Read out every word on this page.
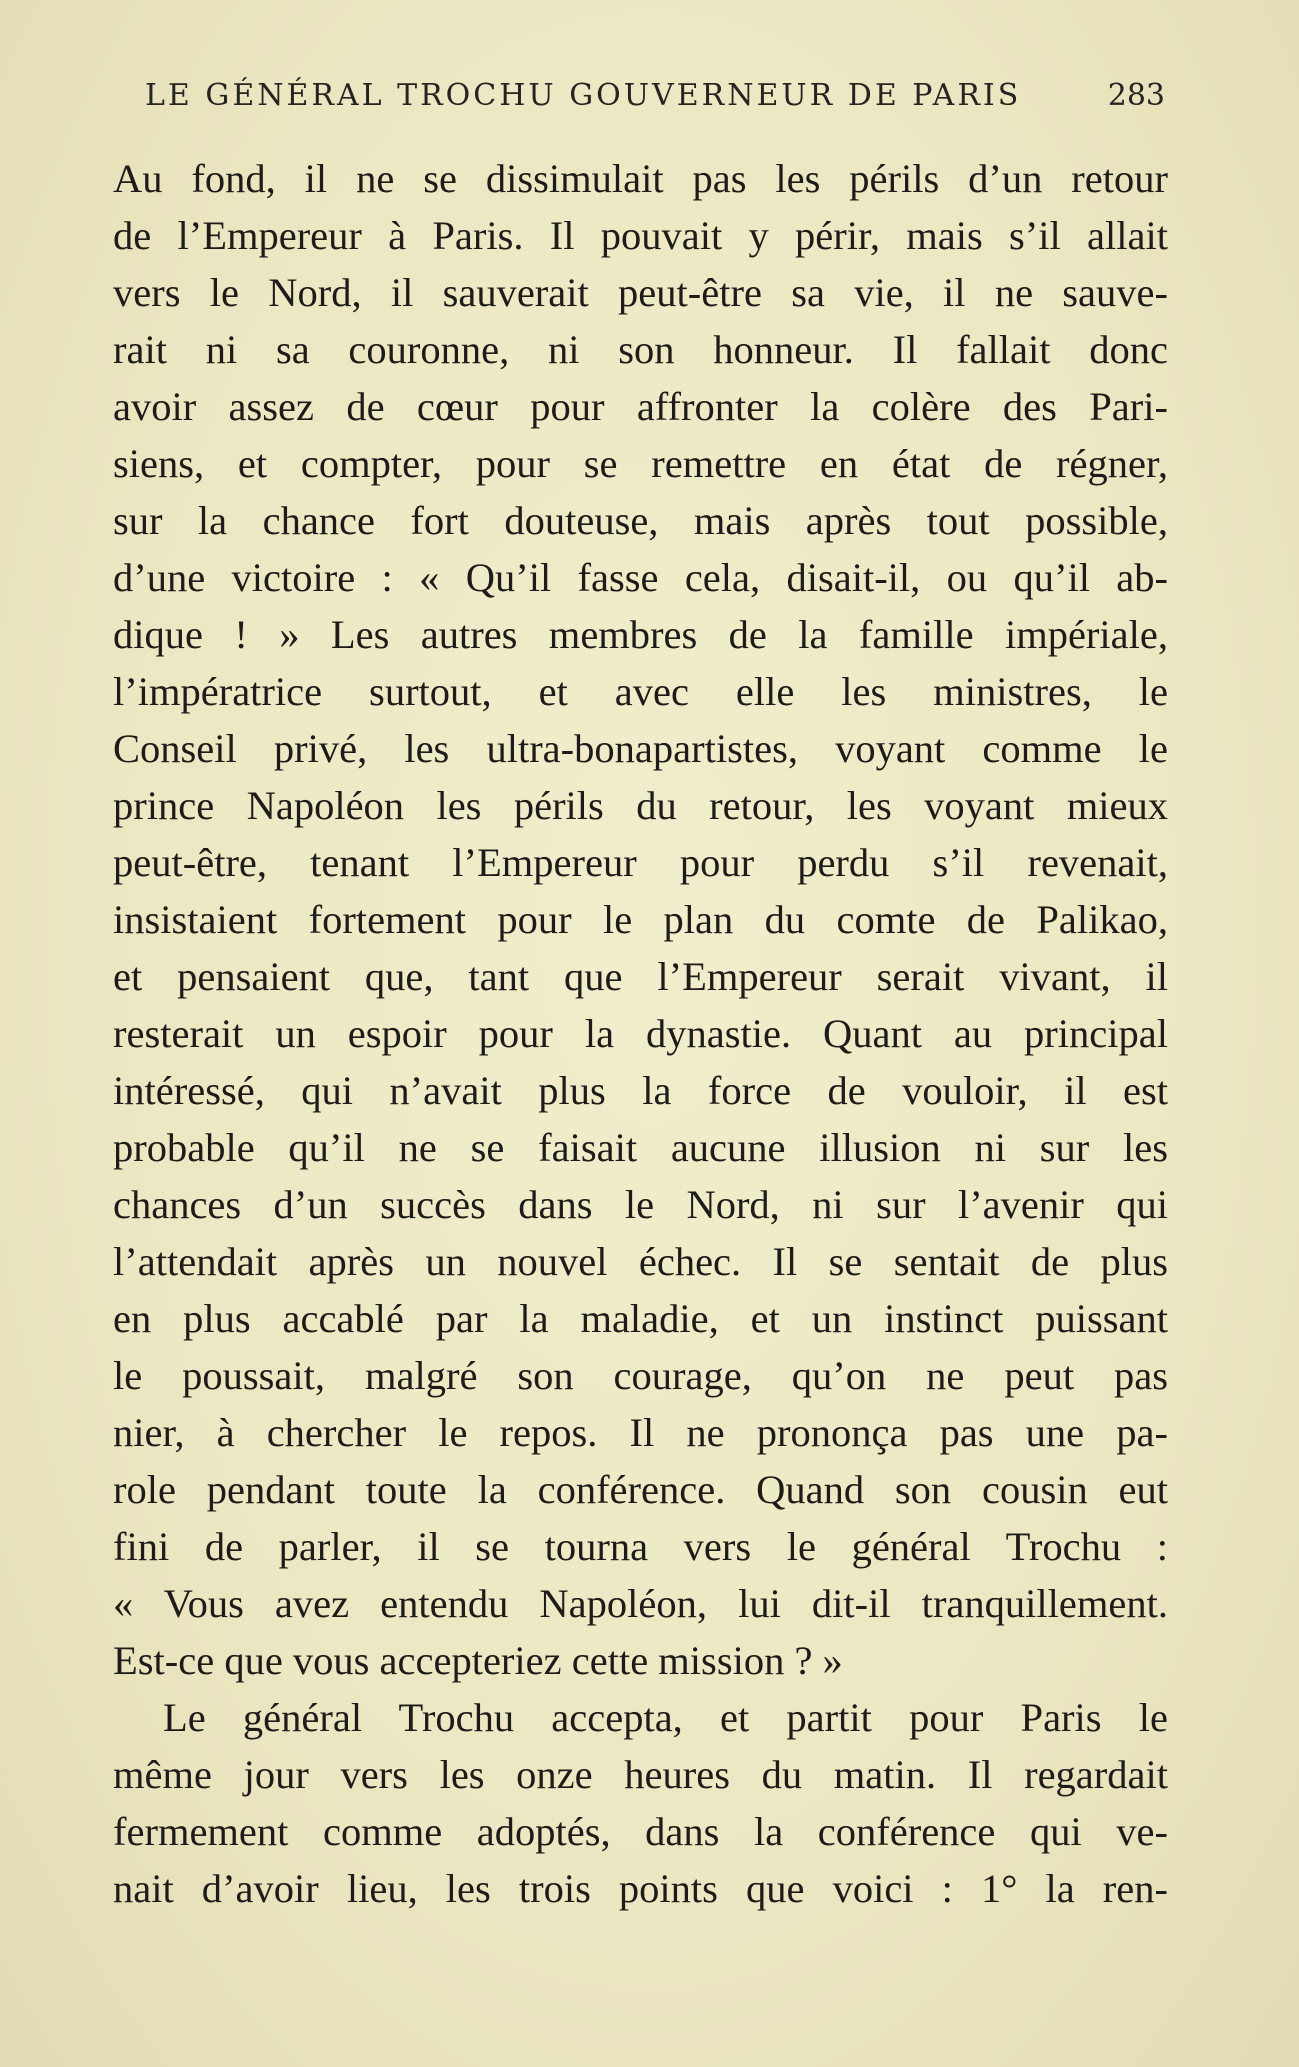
LE GÉNÉRAL TROCHU GOUVERNEUR DE PARIS	283
Au fond, il ne se dissimulait pas les périls d’un retour
de l’Empereur à Paris. Il pouvait y périr, mais s’il allait
vers le Nord, il sauverait peut-être sa vie, il ne sauve-
rait ni sa couronne, ni son honneur. Il fallait donc
avoir assez de cœur pour affronter la colère des Pari-
siens, et compter, pour se remettre en état de régner,
sur la chance fort douteuse, mais après tout possible,
d’une victoire : « Qu’il fasse cela, disait-il, ou qu’il ab-
dique ! » Les autres membres de la famille impériale,
l’impératrice surtout, et avec elle les ministres, le
Conseil privé, les ultra-bonapartistes, voyant comme le
prince Napoléon les périls du retour, les voyant mieux
peut-être, tenant l’Empereur pour perdu s’il revenait,
insistaient fortement pour le plan du comte de Palikao,
et pensaient que, tant que l’Empereur serait vivant, il
resterait un espoir pour la dynastie. Quant au principal
intéressé, qui n’avait plus la force de vouloir, il est
probable qu’il ne se faisait aucune illusion ni sur les
chances d’un succès dans le Nord, ni sur l’avenir qui
l’attendait après un nouvel échec. Il se sentait de plus
en plus accablé par la maladie, et un instinct puissant
le poussait, malgré son courage, qu’on ne peut pas
nier, à chercher le repos. Il ne prononça pas une pa-
role pendant toute la conférence. Quand son cousin eut
fini de parler, il se tourna vers le général Trochu :
« Vous avez entendu Napoléon, lui dit-il tranquillement.
Est-ce que vous accepteriez cette mission ? »
Le général Trochu accepta, et partit pour Paris le
même jour vers les onze heures du matin. Il regardait
fermement comme adoptés, dans la conférence qui ve-
nait d’avoir lieu, les trois points que voici : 1° la ren-
